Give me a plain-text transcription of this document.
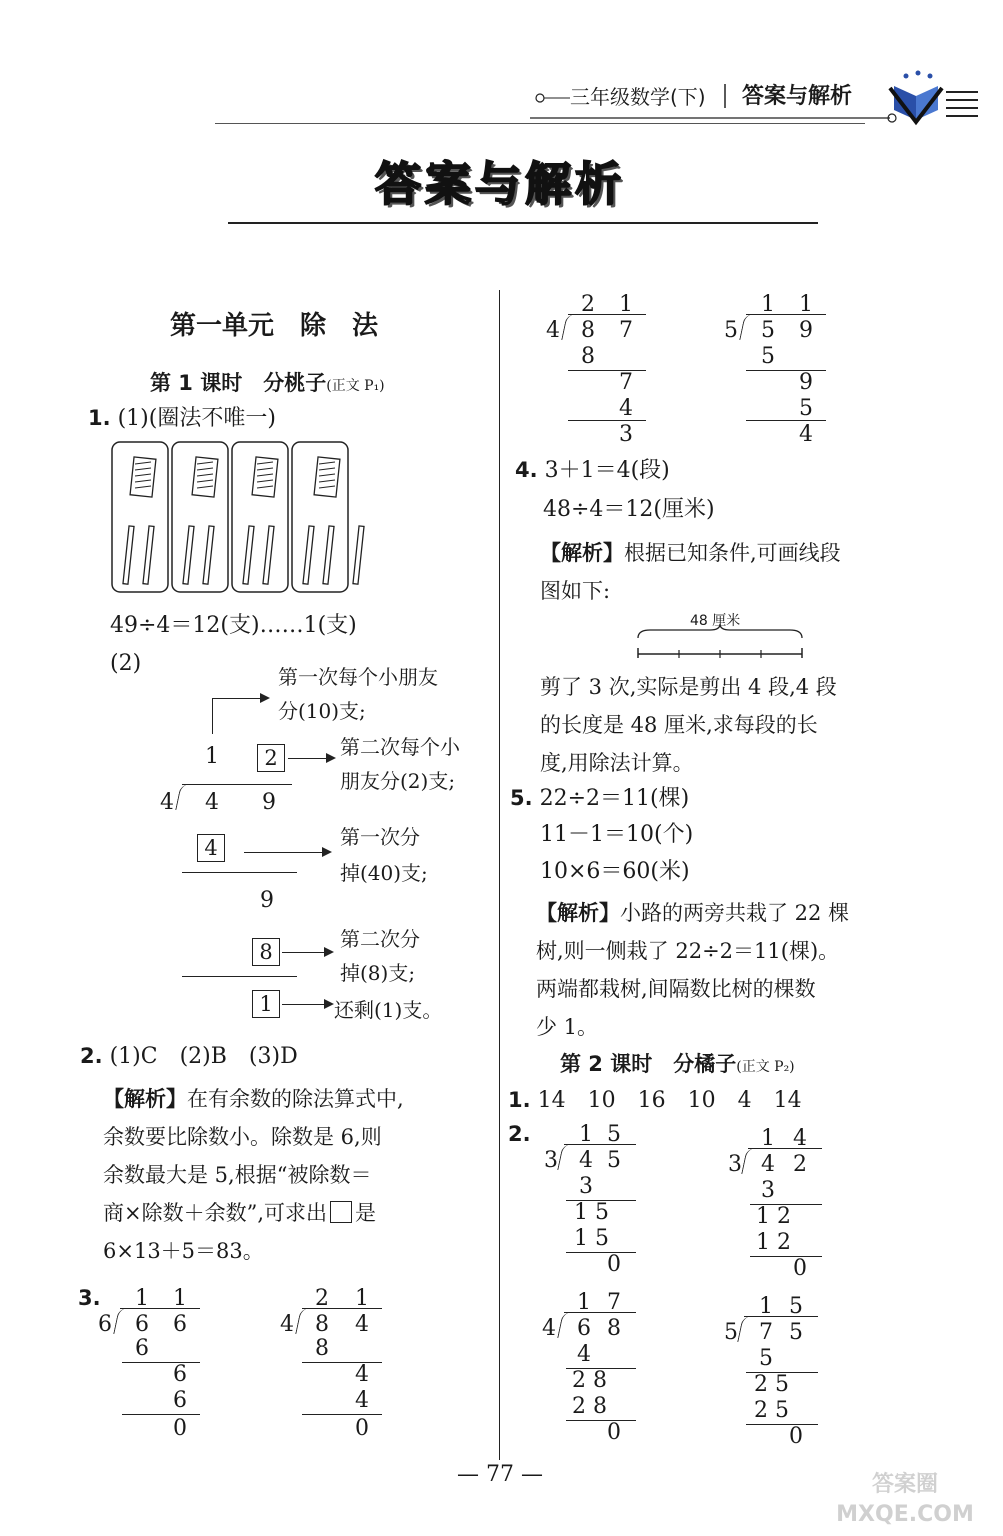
三年级数学(下) 答案与解析
答案与解析
第一单元　除　法
第 1 课时　分桃子(正文 P₁)
1. (1)(圈法不唯一)
49÷4＝12(支)……1(支)
(2)
1	2
4 4 9
4
9
8
1
第一次每个小朋友
分(10)支;
第二次每个小
朋友分(2)支;
第一次分
掉(40)支;
第二次分
掉(8)支;
还剩(1)支。
2. (1)C　(2)B　(3)D
【解析】在有余数的除法算式中,
余数要比除数小。除数是 6,则
余数最大是 5,根据“被除数＝
商×除数＋余数”,可求出 是
6×13＋5＝83。
3. 1 1
6 6 6
6
6
6
0
2 1
4 8 4
8
4
4
0
2 1
4 8 7
8
7
4
3
1 1
5 5 9
5
9
5
4
4. 3＋1＝4(段)
48÷4＝12(厘米)
【解析】根据已知条件,可画线段
图如下:
48 厘米
剪了 3 次,实际是剪出 4 段,4 段
的长度是 48 厘米,求每段的长
度,用除法计算。
5. 22÷2＝11(棵)
11－1＝10(个)
10×6＝60(米)
【解析】小路的两旁共栽了 22 棵
树,则一侧栽了 22÷2＝11(棵)。
两端都栽树,间隔数比树的棵数
少 1。
第 2 课时　分橘子(正文 P₂)
1. 14　10　16　10　4　14
2. 1 5
3 4 5
3
1 5
1 5
0
1 4
3 4 2
3
1 2
1 2
0
1 7
4 6 8
4
2 8
2 8
0
1 5
5 7 5
5
2 5
2 5
0
— 77 —	答案圈 MXQE.COM
